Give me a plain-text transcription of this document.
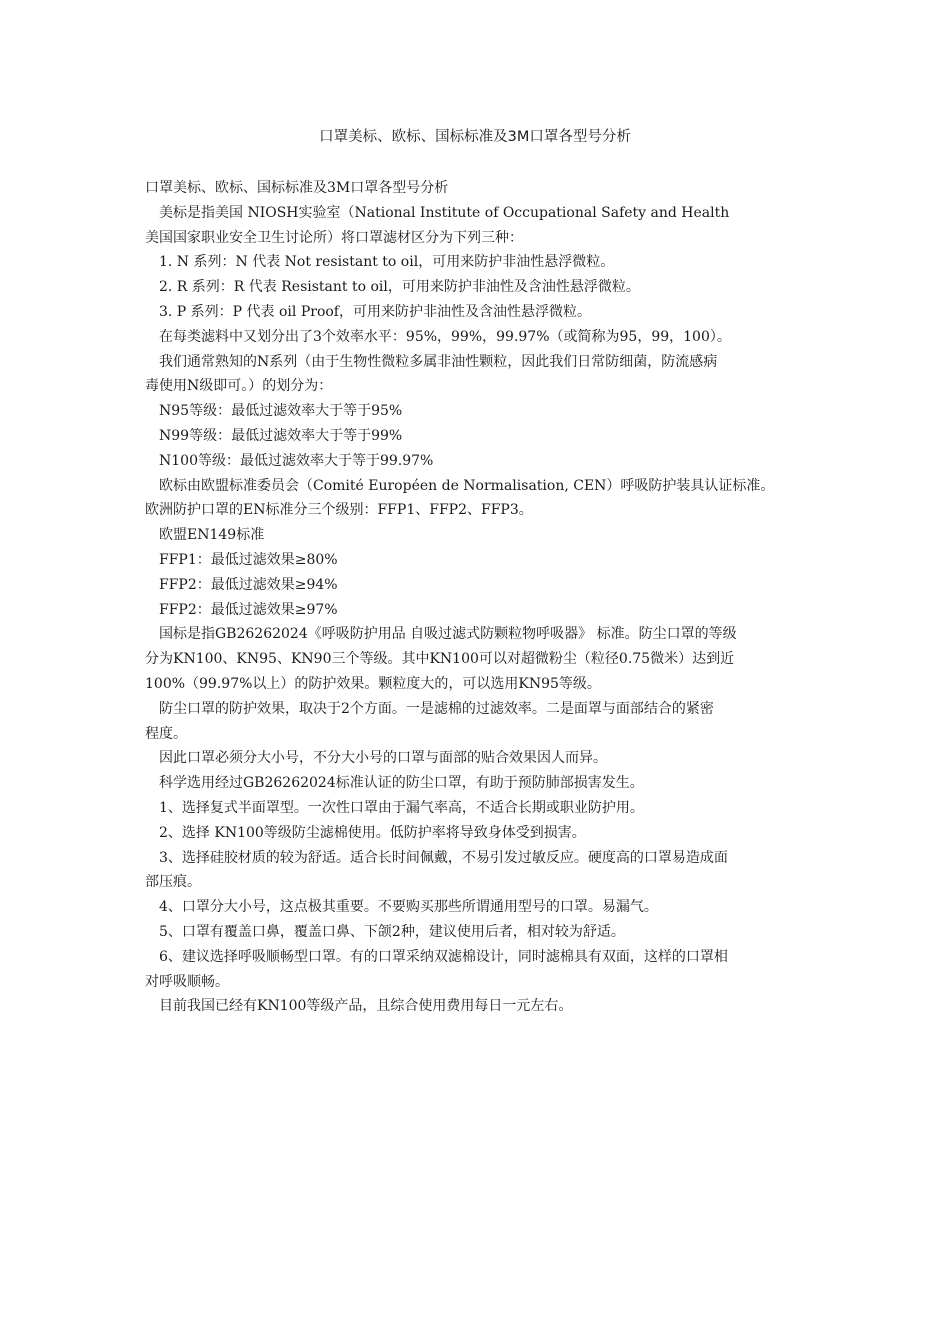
口罩美标、欧标、国标标准及3M口罩各型号分析
口罩美标、欧标、国标标准及3M口罩各型号分析
美标是指美国 NIOSH实验室（National Institute of Occupational Safety and Health
美国国家职业安全卫生讨论所）将口罩滤材区分为下列三种：
1. N 系列：N 代表 Not resistant to oil，可用来防护非油性悬浮微粒。
2. R 系列：R 代表 Resistant to oil，可用来防护非油性及含油性悬浮微粒。
3. P 系列：P 代表 oil Proof，可用来防护非油性及含油性悬浮微粒。
在每类滤料中又划分出了3个效率水平：95%，99%，99.97%（或简称为95，99，100）。
我们通常熟知的N系列（由于生物性微粒多属非油性颗粒，因此我们日常防细菌，防流感病
毒使用N级即可。）的划分为：
N95等级：最低过滤效率大于等于95%
N99等级：最低过滤效率大于等于99%
N100等级：最低过滤效率大于等于99.97%
欧标由欧盟标准委员会（Comité Européen de Normalisation, CEN）呼吸防护装具认证标准。
欧洲防护口罩的EN标准分三个级别：FFP1、FFP2、FFP3。
欧盟EN149标准
FFP1：最低过滤效果≥80%
FFP2：最低过滤效果≥94%
FFP2：最低过滤效果≥97%
国标是指GB26262024《呼吸防护用品 自吸过滤式防颗粒物呼吸器》 标准。防尘口罩的等级
分为KN100、KN95、KN90三个等级。其中KN100可以对超微粉尘（粒径0.75微米）达到近
100%（99.97%以上）的防护效果。颗粒度大的，可以选用KN95等级。
防尘口罩的防护效果，取决于2个方面。一是滤棉的过滤效率。二是面罩与面部结合的紧密
程度。
因此口罩必须分大小号，不分大小号的口罩与面部的贴合效果因人而异。
科学选用经过GB26262024标准认证的防尘口罩，有助于预防肺部损害发生。
1、选择复式半面罩型。一次性口罩由于漏气率高，不适合长期或职业防护用。
2、选择 KN100等级防尘滤棉使用。低防护率将导致身体受到损害。
3、选择硅胶材质的较为舒适。适合长时间佩戴，不易引发过敏反应。硬度高的口罩易造成面
部压痕。
4、口罩分大小号，这点极其重要。不要购买那些所谓通用型号的口罩。易漏气。
5、口罩有覆盖口鼻，覆盖口鼻、下颌2种，建议使用后者，相对较为舒适。
6、建议选择呼吸顺畅型口罩。有的口罩采纳双滤棉设计，同时滤棉具有双面，这样的口罩相
对呼吸顺畅。
目前我国已经有KN100等级产品，且综合使用费用每日一元左右。
